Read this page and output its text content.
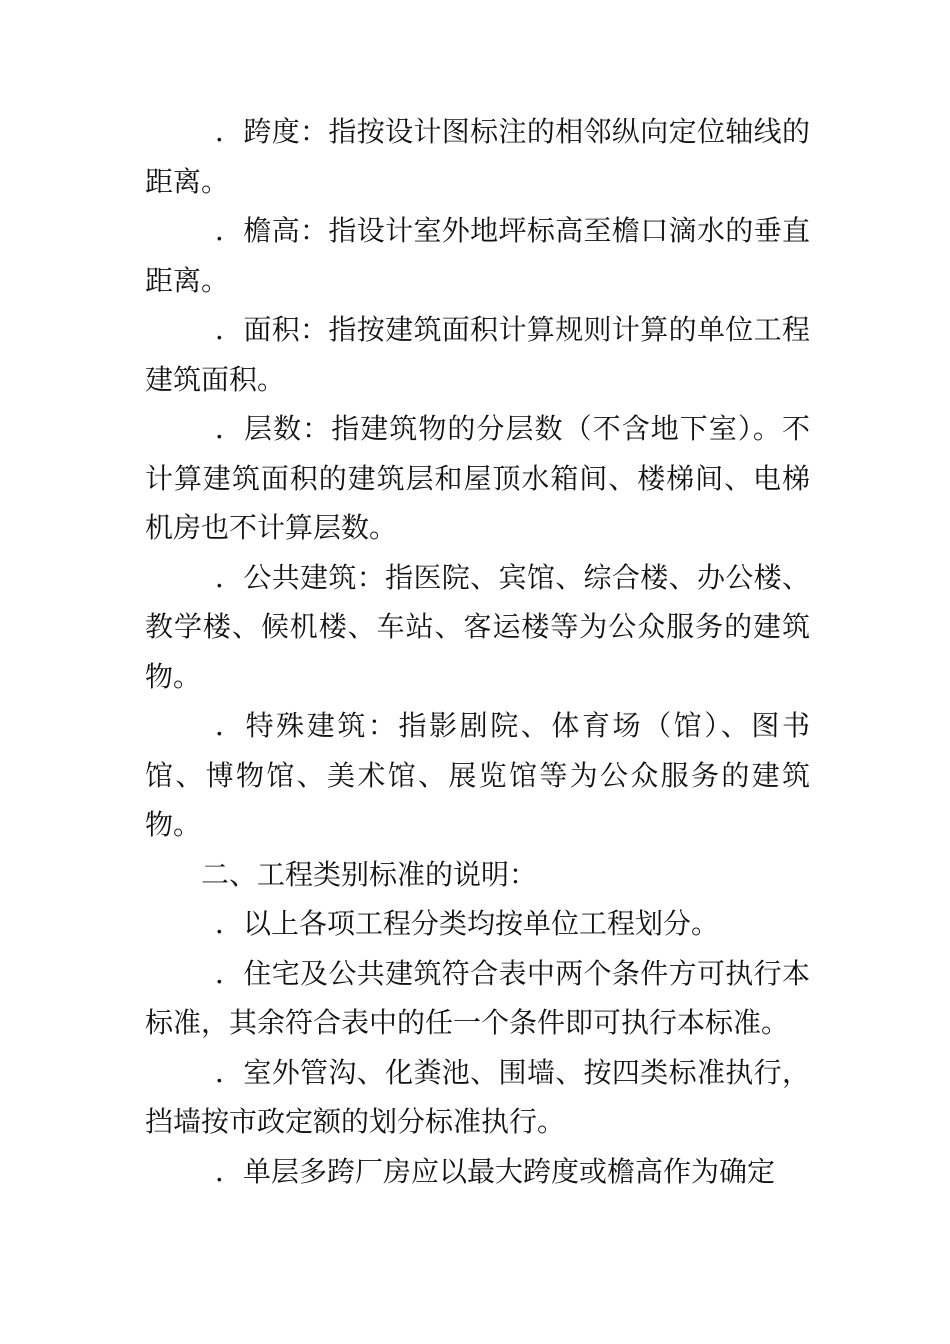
．跨度：指按设计图标注的相邻纵向定位轴线的距离。

．檐高：指设计室外地坪标高至檐口滴水的垂直距离。

．面积：指按建筑面积计算规则计算的单位工程建筑面积。

．层数：指建筑物的分层数（不含地下室）。不计算建筑面积的建筑层和屋顶水箱间、楼梯间、电梯机房也不计算层数。

．公共建筑：指医院、宾馆、综合楼、办公楼、教学楼、候机楼、车站、客运楼等为公众服务的建筑物。

．特殊建筑：指影剧院、体育场（馆）、图书馆、博物馆、美术馆、展览馆等为公众服务的建筑物。

二、工程类别标准的说明：

．以上各项工程分类均按单位工程划分。

．住宅及公共建筑符合表中两个条件方可执行本标准，其余符合表中的任一个条件即可执行本标准。

．室外管沟、化粪池、围墙、按四类标准执行，挡墙按市政定额的划分标准执行。

．单层多跨厂房应以最大跨度或檐高作为确定
